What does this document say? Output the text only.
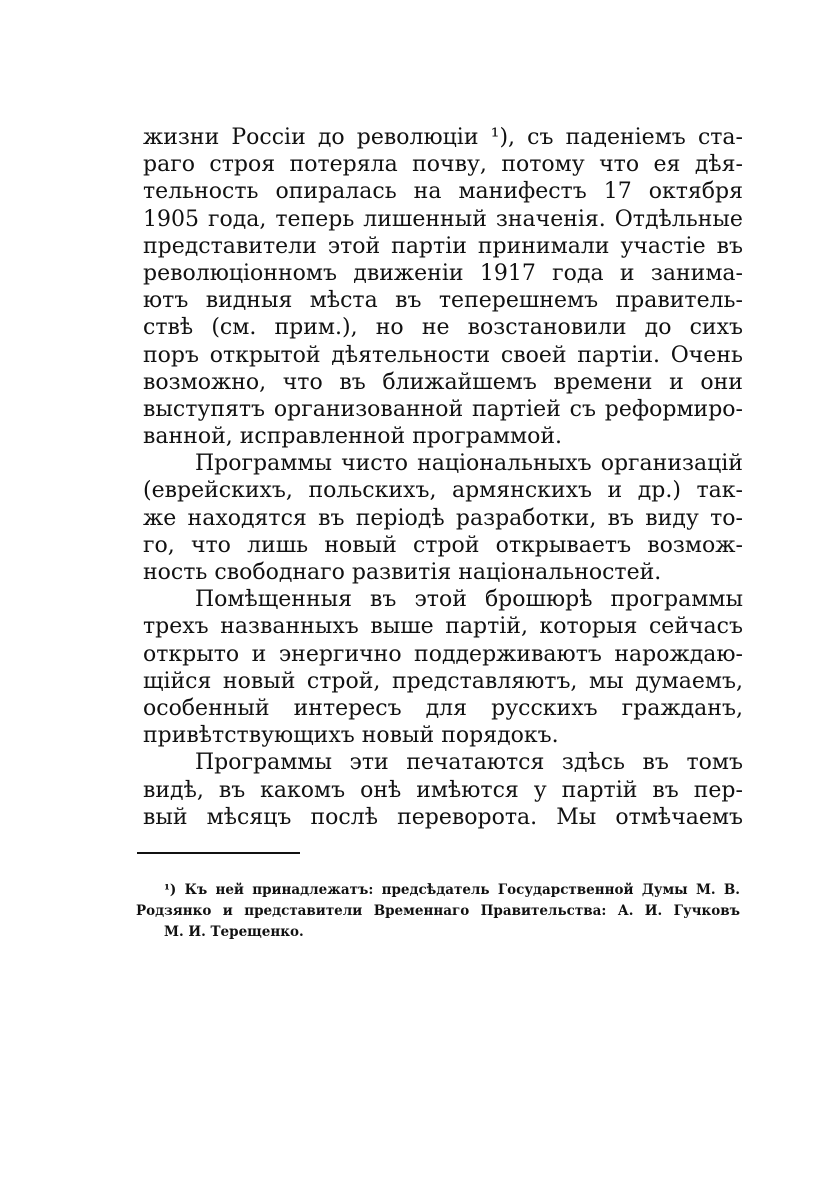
жизни Россіи до революціи ¹), съ паденіемъ ста-
раго строя потеряла почву, потому что ея дѣя-
тельность опиралась на манифестъ 17 октября
1905 года, теперь лишенный значенія. Отдѣльные
представители этой партіи принимали участіе въ
революціонномъ движеніи 1917 года и занима-
ютъ видныя мѣста въ теперешнемъ правитель-
ствѣ (см. прим.), но не возстановили до сихъ
поръ открытой дѣятельности своей партіи. Очень
возможно, что въ ближайшемъ времени и они
выступятъ организованной партіей съ реформиро-
ванной, исправленной программой.
Программы чисто національныхъ организацій
(еврейскихъ, польскихъ, армянскихъ и др.) так-
же находятся въ періодѣ разработки, въ виду то-
го, что лишь новый строй открываетъ возмож-
ность свободнаго развитія національностей.
Помѣщенныя въ этой брошюрѣ программы
трехъ названныхъ выше партій, которыя сейчасъ
открыто и энергично поддерживаютъ нарождаю-
щійся новый строй, представляютъ, мы думаемъ,
особенный интересъ для русскихъ гражданъ,
привѣтствующихъ новый порядокъ.
Программы эти печатаются здѣсь въ томъ
видѣ, въ какомъ онѣ имѣются у партій въ пер-
вый мѣсяцъ послѣ переворота. Мы отмѣчаемъ
¹) Къ ней принадлежатъ: предсѣдатель Государственной Думы М. В.
Родзянко и представители Временнаго Правительства: А. И. Гучковъ
М. И. Терещенко.
